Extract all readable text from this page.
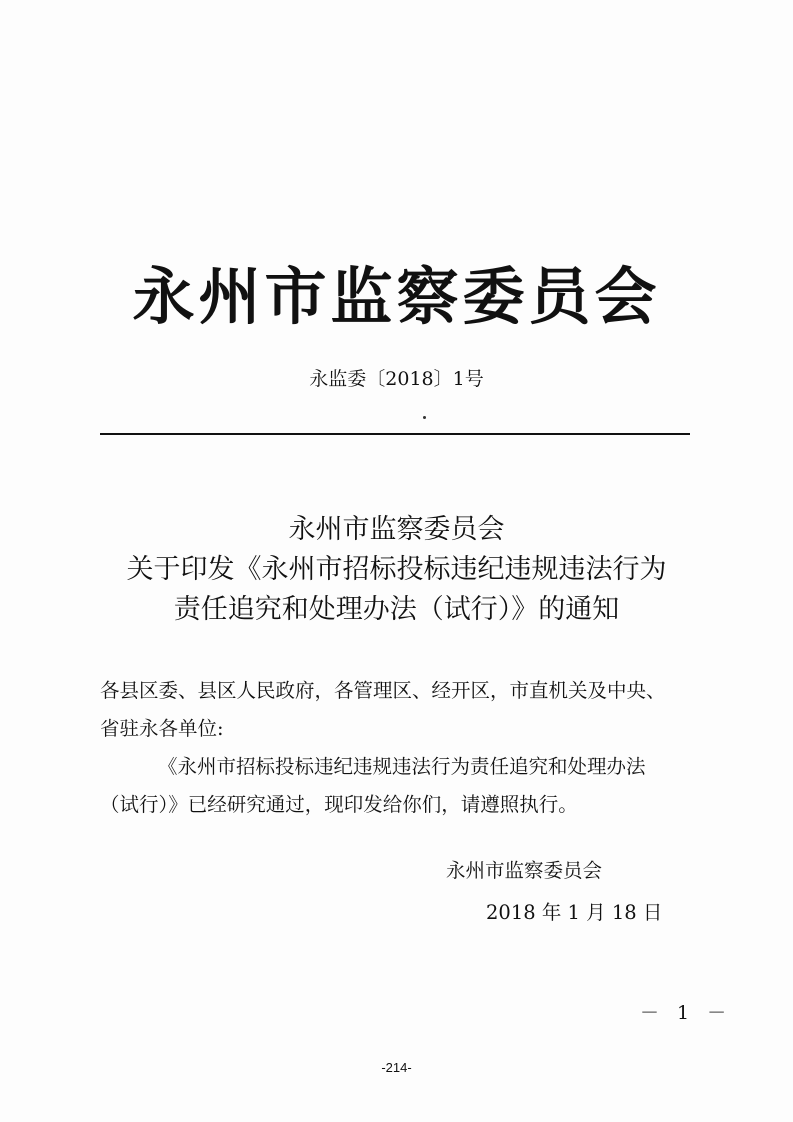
永州市监察委员会
永监委〔2018〕1号
永州市监察委员会
关于印发《永州市招标投标违纪违规违法行为
责任追究和处理办法（试行）》的通知

各县区委、县区人民政府，各管理区、经开区，市直机关及中央、

省驻永各单位:

《永州市招标投标违纪违规违法行为责任追究和处理办法

（试行）》已经研究通过，现印发给你们，请遵照执行。

永州市监察委员会
2018 年 1 月 18 日
－ 1 －
-214-
